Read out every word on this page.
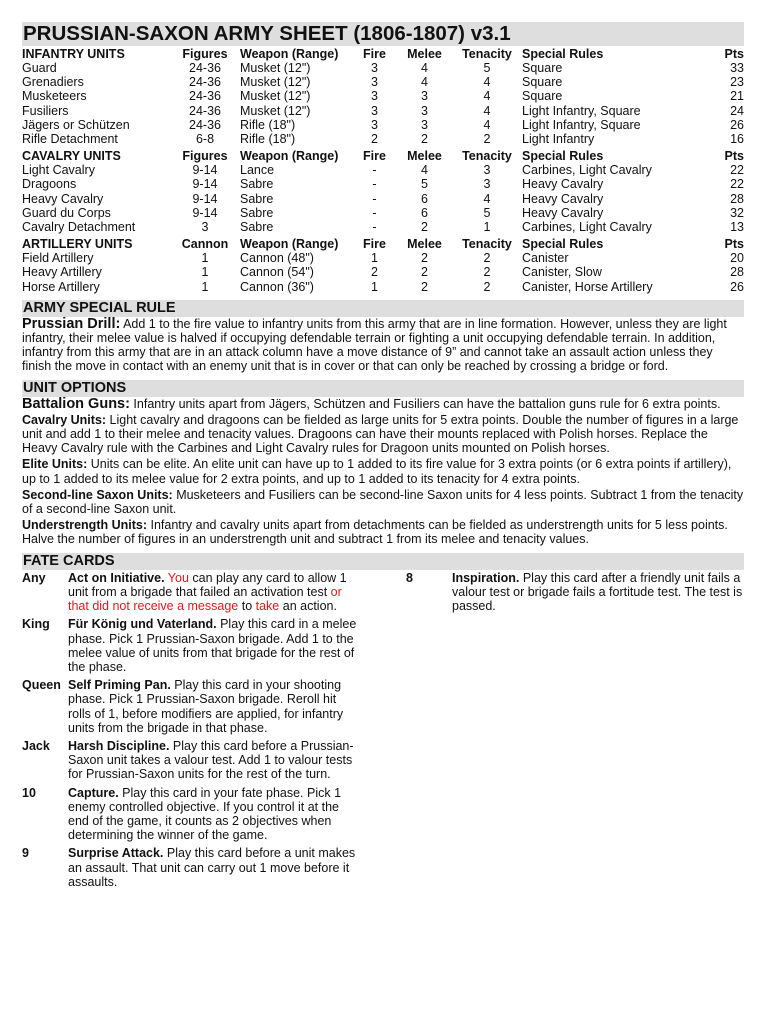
PRUSSIAN-SAXON ARMY SHEET (1806-1807) v3.1
INFANTRY UNITS	Figures	Weapon (Range)	Fire	Melee	Tenacity	Special Rules	Pts
Guard	24-36	Musket (12")	3	4	5	Square	33
Grenadiers	24-36	Musket (12")	3	4	4	Square	23
Musketeers	24-36	Musket (12")	3	3	4	Square	21
Fusiliers	24-36	Musket (12")	3	3	4	Light Infantry, Square	24
Jägers or Schützen	24-36	Rifle (18")	3	3	4	Light Infantry, Square	26
Rifle Detachment	6-8	Rifle (18")	2	2	2	Light Infantry	16
CAVALRY UNITS	Figures	Weapon (Range)	Fire	Melee	Tenacity	Special Rules	Pts
Light Cavalry	9-14	Lance	-	4	3	Carbines, Light Cavalry	22
Dragoons	9-14	Sabre	-	5	3	Heavy Cavalry	22
Heavy Cavalry	9-14	Sabre	-	6	4	Heavy Cavalry	28
Guard du Corps	9-14	Sabre	-	6	5	Heavy Cavalry	32
Cavalry Detachment	3	Sabre	-	2	1	Carbines, Light Cavalry	13
ARTILLERY UNITS	Cannon	Weapon (Range)	Fire	Melee	Tenacity	Special Rules	Pts
Field Artillery	1	Cannon (48")	1	2	2	Canister	20
Heavy Artillery	1	Cannon (54")	2	2	2	Canister, Slow	28
Horse Artillery	1	Cannon (36")	1	2	2	Canister, Horse Artillery	26
ARMY SPECIAL RULE

Prussian Drill: Add 1 to the fire value to infantry units from this army that are in line formation. However, unless they are light infantry, their melee value is halved if occupying defendable terrain or fighting a unit occupying defendable terrain. In addition, infantry from this army that are in an attack column have a move distance of 9” and cannot take an assault action unless they finish the move in contact with an enemy unit that is in cover or that can only be reached by crossing a bridge or ford.

UNIT OPTIONS

Battalion Guns: Infantry units apart from Jägers, Schützen and Fusiliers can have the battalion guns rule for 6 extra points.

Cavalry Units: Light cavalry and dragoons can be fielded as large units for 5 extra points. Double the number of figures in a large unit and add 1 to their melee and tenacity values. Dragoons can have their mounts replaced with Polish horses. Replace the Heavy Cavalry rule with the Carbines and Light Cavalry rules for Dragoon units mounted on Polish horses.

Elite Units: Units can be elite. An elite unit can have up to 1 added to its fire value for 3 extra points (or 6 extra points if artillery), up to 1 added to its melee value for 2 extra points, and up to 1 added to its tenacity for 4 extra points.

Second-line Saxon Units: Musketeers and Fusiliers can be second-line Saxon units for 4 less points. Subtract 1 from the tenacity of a second-line Saxon unit.

Understrength Units: Infantry and cavalry units apart from detachments can be fielded as understrength units for 5 less points. Halve the number of figures in an understrength unit and subtract 1 from its melee and tenacity values.

FATE CARDS
Any Act on Initiative. You can play any card to allow 1 unit from a brigade that failed an activation test or that did not receive a message to take an action.
King Für König und Vaterland. Play this card in a melee phase. Pick 1 Prussian-Saxon brigade. Add 1 to the melee value of units from that brigade for the rest of the phase.
Queen Self Priming Pan. Play this card in your shooting phase. Pick 1 Prussian-Saxon brigade. Reroll hit rolls of 1, before modifiers are applied, for infantry units from the brigade in that phase.
Jack Harsh Discipline. Play this card before a Prussian-Saxon unit takes a valour test. Add 1 to valour tests for Prussian-Saxon units for the rest of the turn.
10	Capture. Play this card in your fate phase. Pick 1 enemy controlled objective. If you control it at the end of the game, it counts as 2 objectives when determining the winner of the game.
9	Surprise Attack. Play this card before a unit makes an assault. That unit can carry out 1 move before it assaults.
8	Inspiration. Play this card after a friendly unit fails a valour test or brigade fails a fortitude test. The test is passed.
